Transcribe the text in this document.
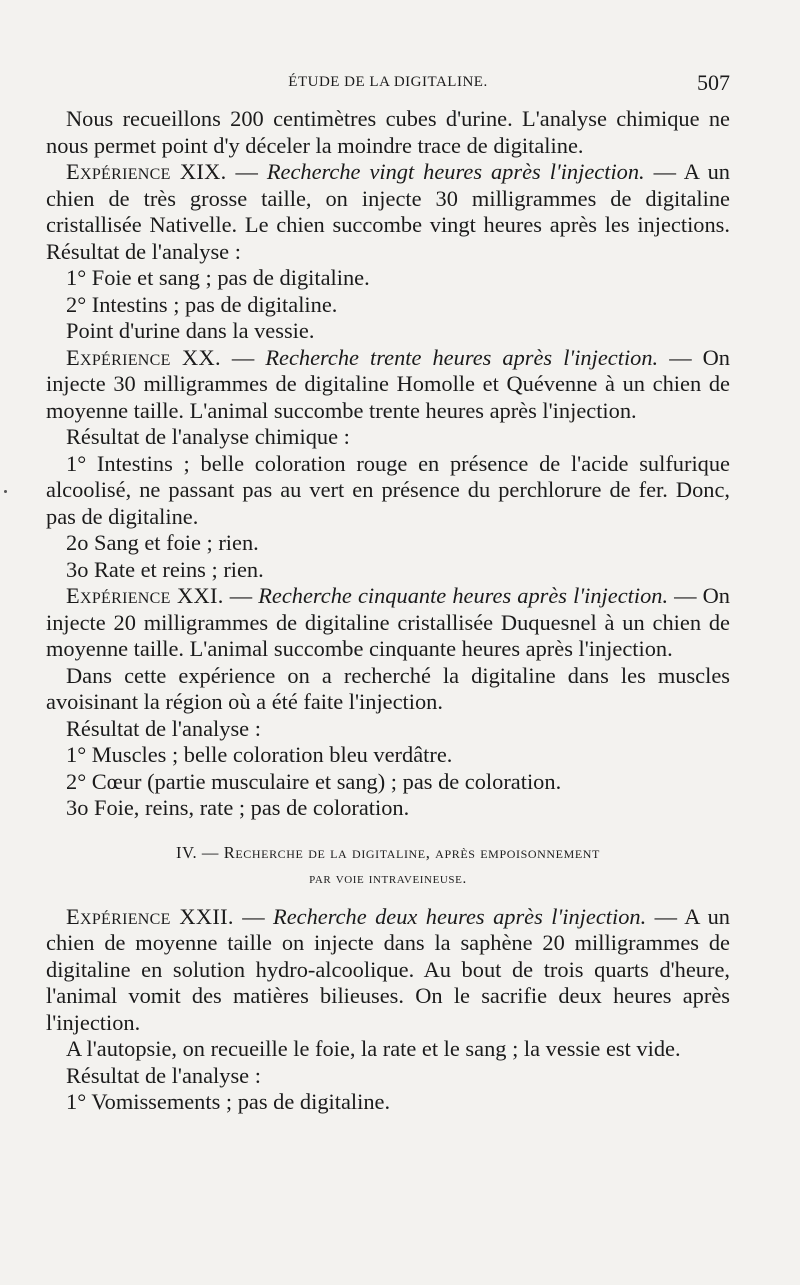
ÉTUDE DE LA DIGITALINE.	507

Nous recueillons 200 centimètres cubes d'urine. L'analyse chimique ne nous permet point d'y déceler la moindre trace de digitaline.

Expérience XIX. — Recherche vingt heures après l'injection. — A un chien de très grosse taille, on injecte 30 milligrammes de digitaline cristallisée Nativelle. Le chien succombe vingt heures après les injections. Résultat de l'analyse :

1° Foie et sang ; pas de digitaline.

2° Intestins ; pas de digitaline.

Point d'urine dans la vessie.

Expérience XX. — Recherche trente heures après l'injection. — On injecte 30 milligrammes de digitaline Homolle et Quévenne à un chien de moyenne taille. L'animal succombe trente heures après l'injection.

Résultat de l'analyse chimique :

1° Intestins ; belle coloration rouge en présence de l'acide sulfurique alcoolisé, ne passant pas au vert en présence du perchlorure de fer. Donc, pas de digitaline.

2o Sang et foie ; rien.

3o Rate et reins ; rien.

Expérience XXI. — Recherche cinquante heures après l'injection. — On injecte 20 milligrammes de digitaline cristallisée Duquesnel à un chien de moyenne taille. L'animal succombe cinquante heures après l'injection.

Dans cette expérience on a recherché la digitaline dans les muscles avoisinant la région où a été faite l'injection.

Résultat de l'analyse :

1° Muscles ; belle coloration bleu verdâtre.

2° Cœur (partie musculaire et sang) ; pas de coloration.

3o Foie, reins, rate ; pas de coloration.

IV. — Recherche de la digitaline, après empoisonnement
par voie intraveineuse.

Expérience XXII. — Recherche deux heures après l'injection. — A un chien de moyenne taille on injecte dans la saphène 20 milligrammes de digitaline en solution hydro-alcoolique. Au bout de trois quarts d'heure, l'animal vomit des matières bilieuses. On le sacrifie deux heures après l'injection.

A l'autopsie, on recueille le foie, la rate et le sang ; la vessie est vide.

Résultat de l'analyse :

1° Vomissements ; pas de digitaline.
